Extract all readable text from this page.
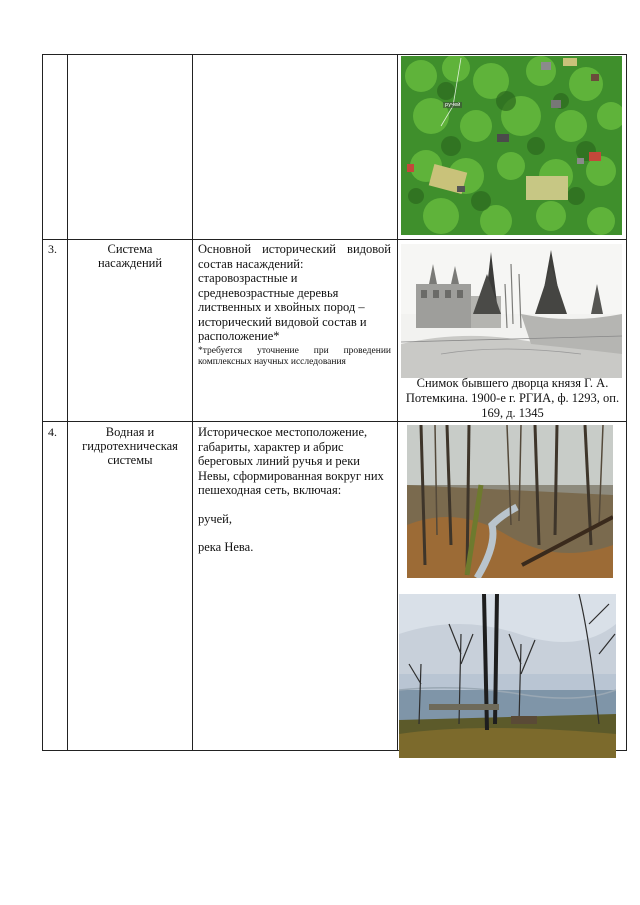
ручей
3.	Система насаждений
Основной исторический видовой состав насаждений:
старовозрастные и средневозрастные деревья лиственных и хвойных пород – исторический видовой состав и расположение*
*требуется уточнение при проведении комплексных научных исследования
Снимок бывшего дворца князя Г. А. Потемкина. 1900-е г. РГИА, ф. 1293, оп. 169, д. 1345
4.	Водная и гидротехническая системы
Историческое местоположение, габариты, характер и абрис береговых линий ручья и реки Невы, сформированная вокруг них пешеходная сеть, включая:
ручей,
река Нева.
